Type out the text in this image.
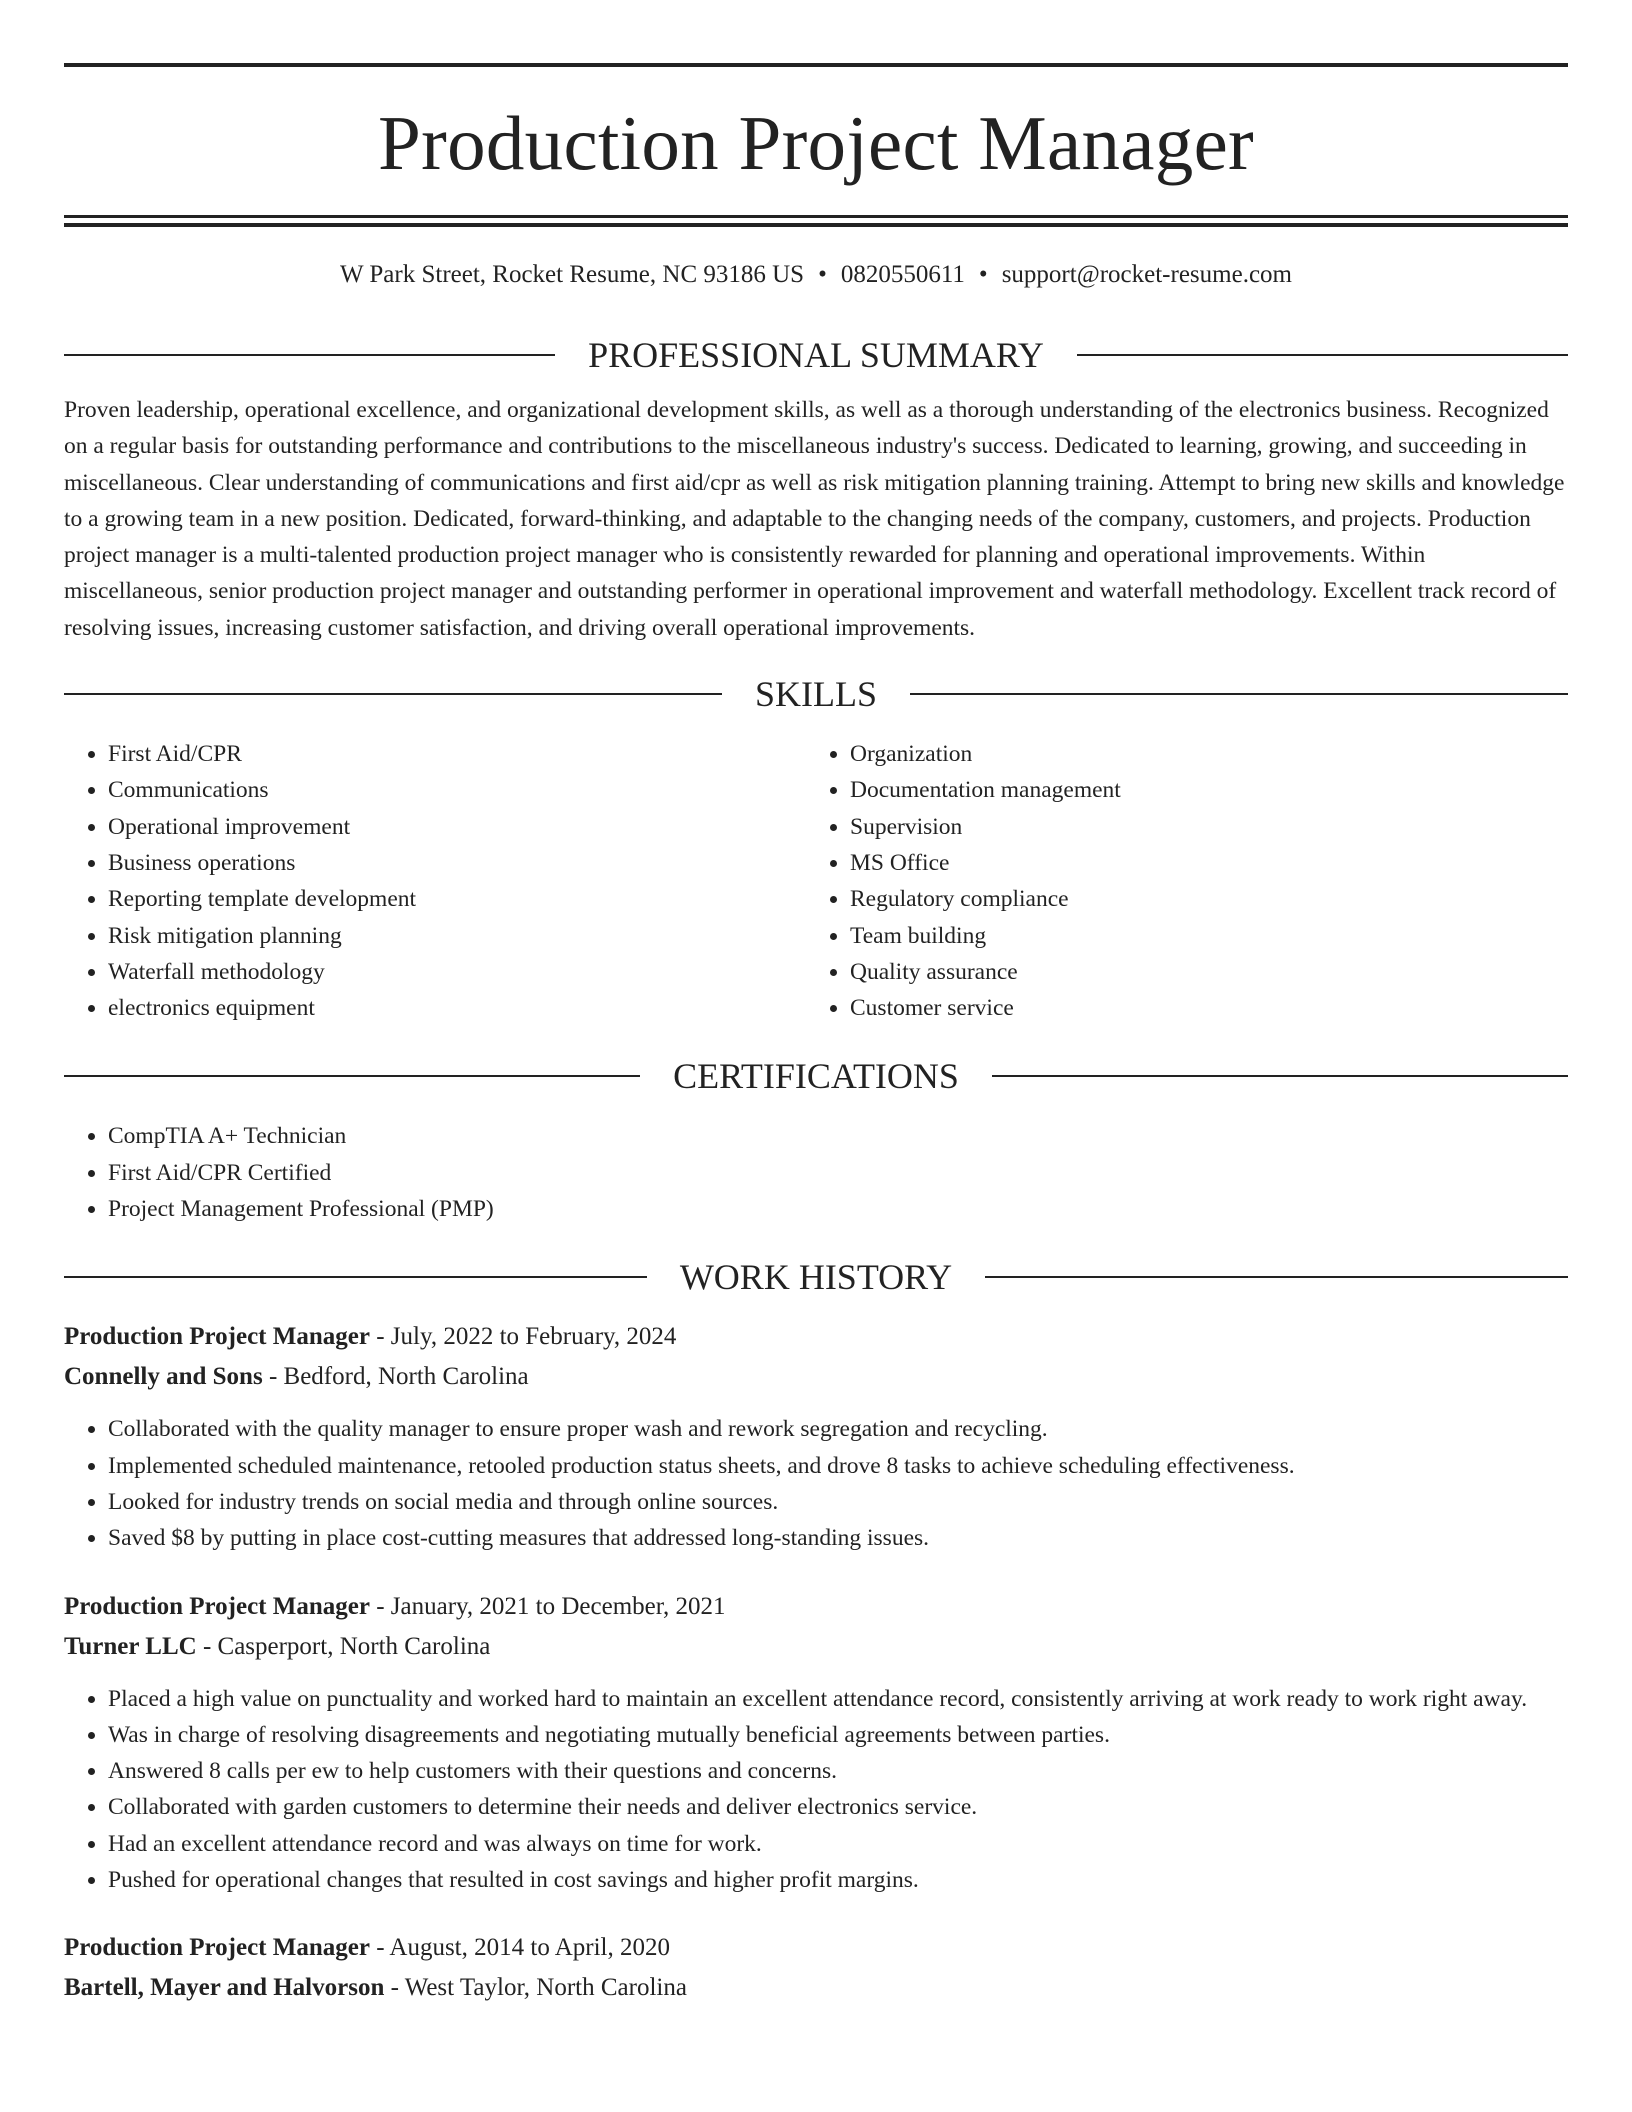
Production Project Manager
W Park Street, Rocket Resume, NC 93186 US • 0820550611 • support@rocket-resume.com
PROFESSIONAL SUMMARY
Proven leadership, operational excellence, and organizational development skills, as well as a thorough understanding of the electronics business. Recognized on a regular basis for outstanding performance and contributions to the miscellaneous industry's success. Dedicated to learning, growing, and succeeding in miscellaneous. Clear understanding of communications and first aid/cpr as well as risk mitigation planning training. Attempt to bring new skills and knowledge to a growing team in a new position. Dedicated, forward-thinking, and adaptable to the changing needs of the company, customers, and projects. Production project manager is a multi-talented production project manager who is consistently rewarded for planning and operational improvements. Within miscellaneous, senior production project manager and outstanding performer in operational improvement and waterfall methodology. Excellent track record of resolving issues, increasing customer satisfaction, and driving overall operational improvements.
SKILLS
• First Aid/CPR
• Communications
• Operational improvement
• Business operations
• Reporting template development
• Risk mitigation planning
• Waterfall methodology
• electronics equipment
• Organization
• Documentation management
• Supervision
• MS Office
• Regulatory compliance
• Team building
• Quality assurance
• Customer service
CERTIFICATIONS
• CompTIA A+ Technician
• First Aid/CPR Certified
• Project Management Professional (PMP)
WORK HISTORY
Production Project Manager - July, 2022 to February, 2024
Connelly and Sons - Bedford, North Carolina
• Collaborated with the quality manager to ensure proper wash and rework segregation and recycling.
• Implemented scheduled maintenance, retooled production status sheets, and drove 8 tasks to achieve scheduling effectiveness.
• Looked for industry trends on social media and through online sources.
• Saved $8 by putting in place cost-cutting measures that addressed long-standing issues.
Production Project Manager - January, 2021 to December, 2021
Turner LLC - Casperport, North Carolina
• Placed a high value on punctuality and worked hard to maintain an excellent attendance record, consistently arriving at work ready to work right away.
• Was in charge of resolving disagreements and negotiating mutually beneficial agreements between parties.
• Answered 8 calls per ew to help customers with their questions and concerns.
• Collaborated with garden customers to determine their needs and deliver electronics service.
• Had an excellent attendance record and was always on time for work.
• Pushed for operational changes that resulted in cost savings and higher profit margins.
Production Project Manager - August, 2014 to April, 2020
Bartell, Mayer and Halvorson - West Taylor, North Carolina
